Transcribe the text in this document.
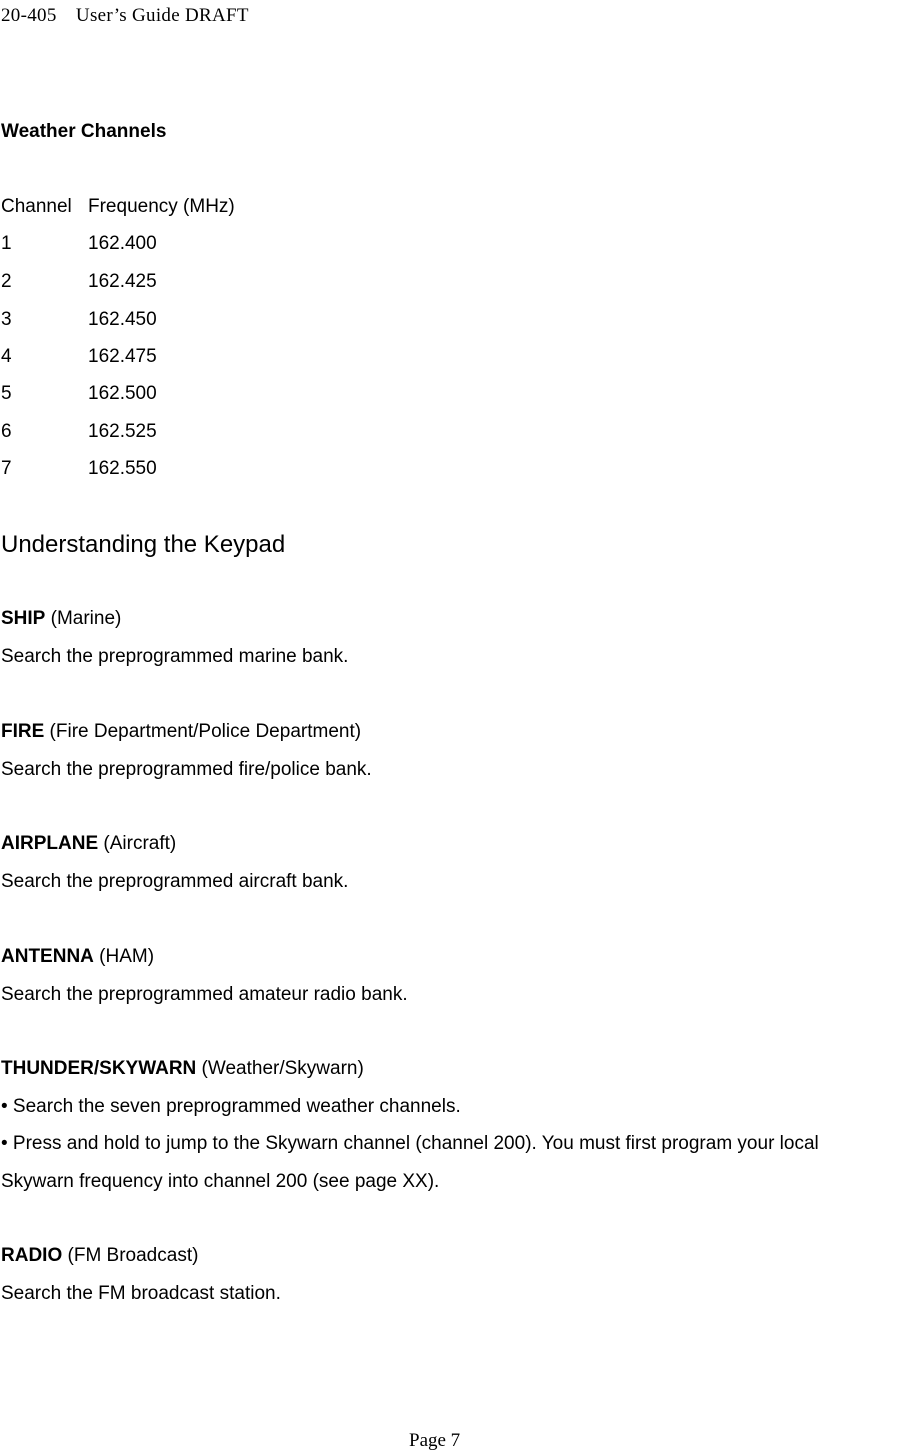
20-405　User’s Guide DRAFT
Weather Channels
Channel Frequency (MHz)
1	162.400
2	162.425
3	162.450
4	162.475
5	162.500
6	162.525
7	162.550
Understanding the Keypad
SHIP (Marine)
Search the preprogrammed marine bank.
FIRE (Fire Department/Police Department)
Search the preprogrammed fire/police bank.
AIRPLANE (Aircraft)
Search the preprogrammed aircraft bank.
ANTENNA (HAM)
Search the preprogrammed amateur radio bank.
THUNDER/SKYWARN (Weather/Skywarn)
• Search the seven preprogrammed weather channels.
• Press and hold to jump to the Skywarn channel (channel 200). You must first program your local
Skywarn frequency into channel 200 (see page XX).
RADIO (FM Broadcast)
Search the FM broadcast station.
Page 7
